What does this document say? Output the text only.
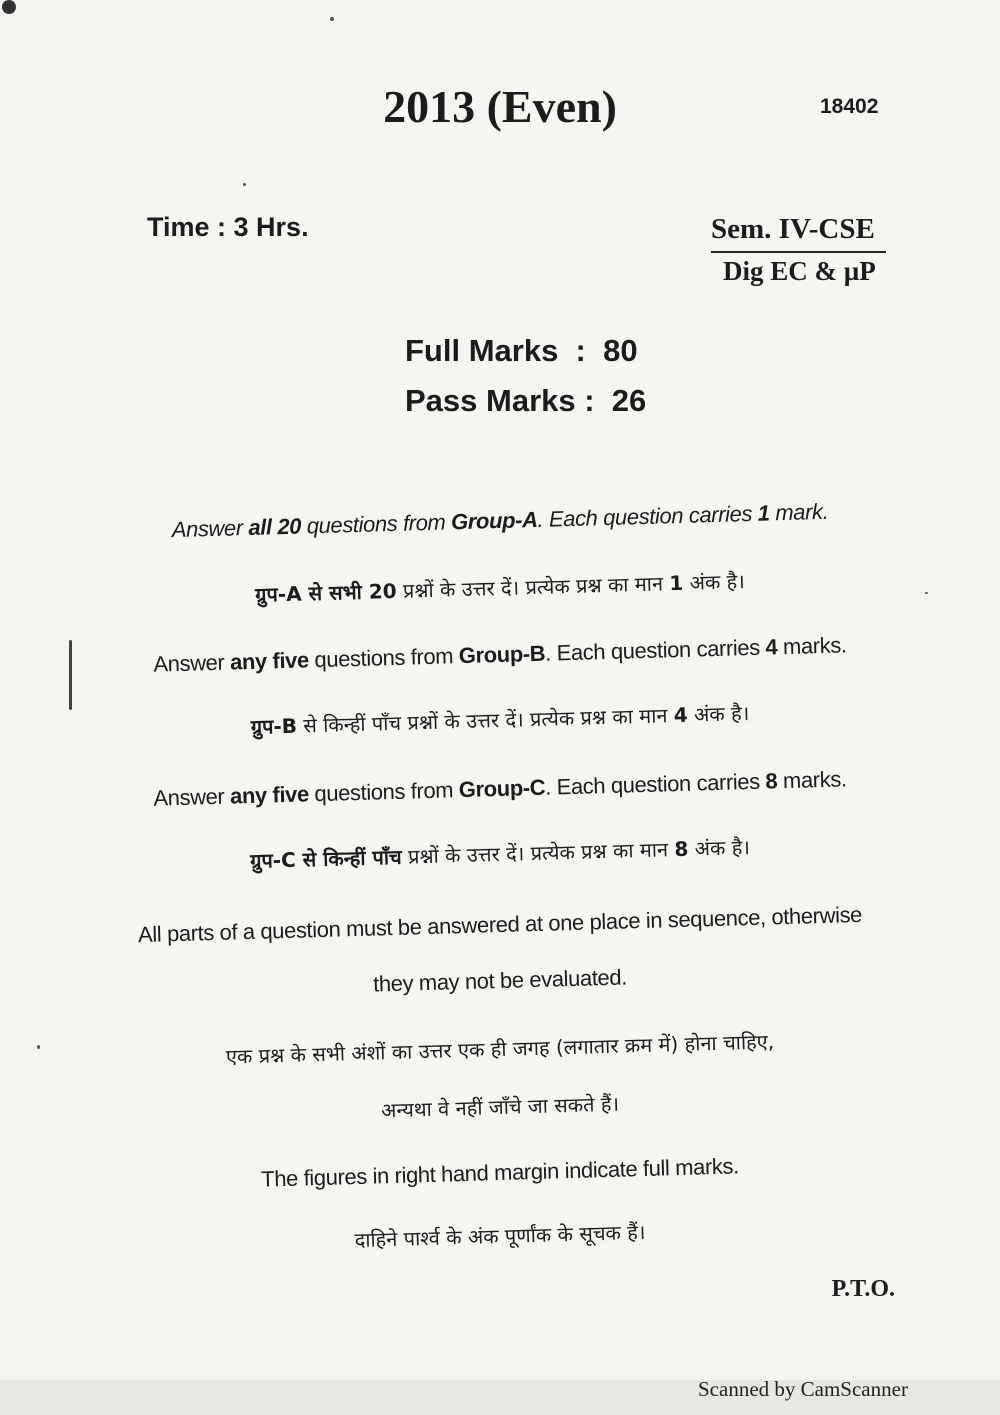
2013 (Even)	18402
Time : 3 Hrs.	Sem. IV-CSE
Dig EC & µP
Full Marks  :  80
Pass Marks :  26
Answer all 20 questions from Group-A. Each question carries 1 mark.
ग्रुप-A से सभी 20 प्रश्नों के उत्तर दें। प्रत्येक प्रश्न का मान 1 अंक है।
Answer any five questions from Group-B. Each question carries 4 marks.
ग्रुप-B से किन्हीं पाँच प्रश्नों के उत्तर दें। प्रत्येक प्रश्न का मान 4 अंक है।
Answer any five questions from Group-C. Each question carries 8 marks.
ग्रुप-C से किन्हीं पाँच प्रश्नों के उत्तर दें। प्रत्येक प्रश्न का मान 8 अंक है।
All parts of a question must be answered at one place in sequence, otherwise
they may not be evaluated.
एक प्रश्न के सभी अंशों का उत्तर एक ही जगह (लगातार क्रम में) होना चाहिए,
अन्यथा वे नहीं जाँचे जा सकते हैं।
The figures in right hand margin indicate full marks.
दाहिने पार्श्व के अंक पूर्णांक के सूचक हैं।
P.T.O.
Scanned by CamScanner
